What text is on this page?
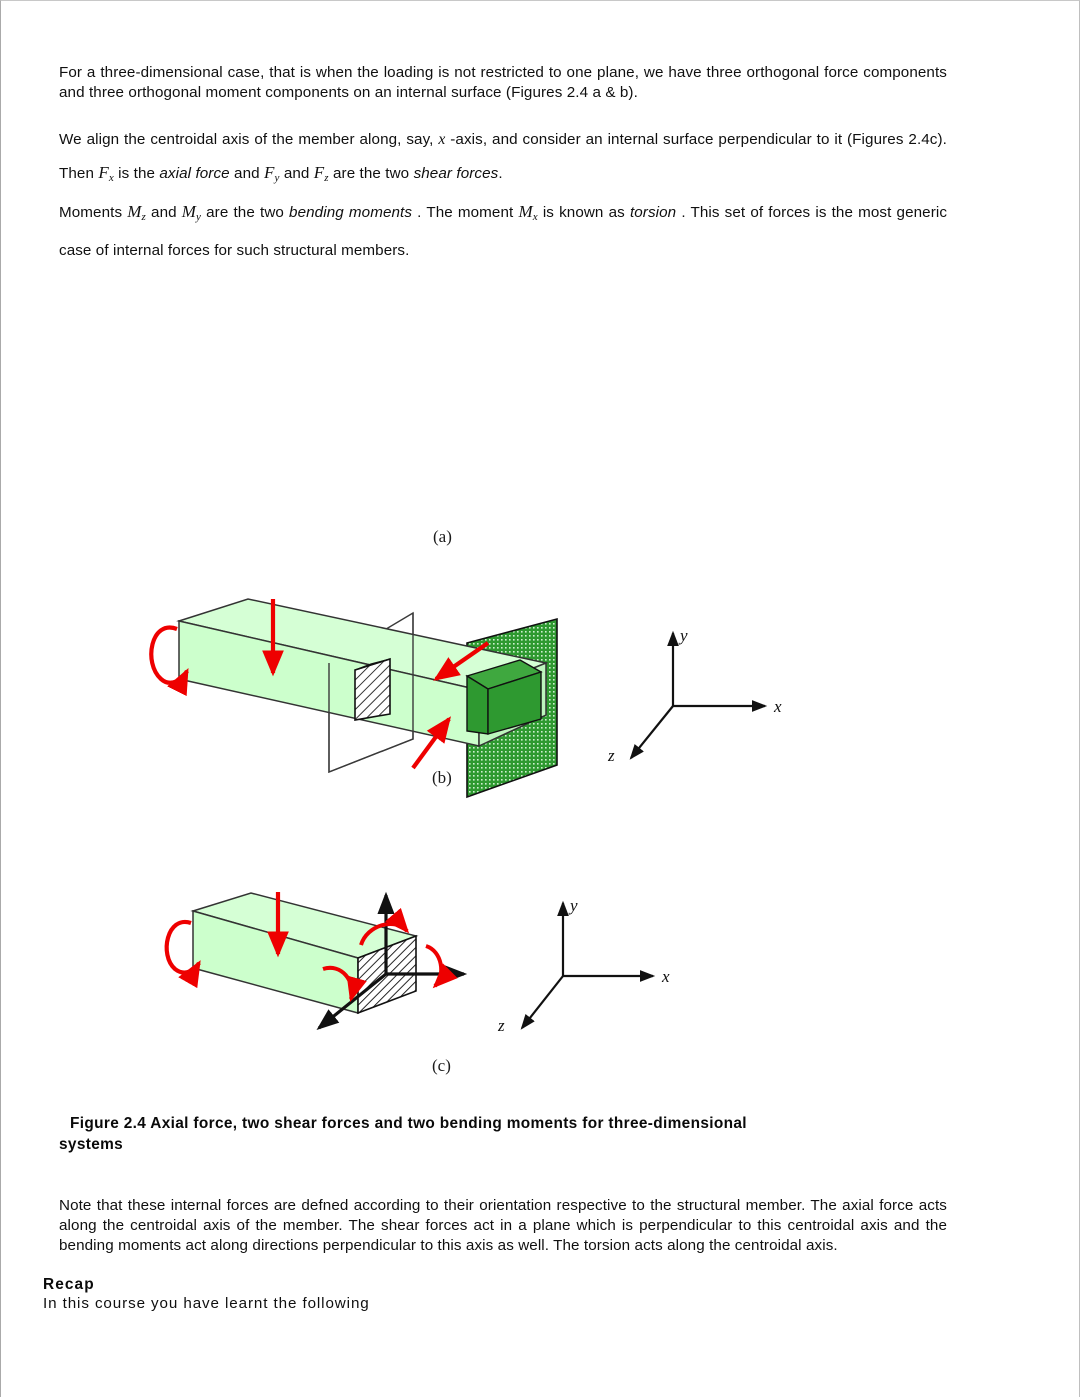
For a three-dimensional case, that is when the loading is not restricted to one plane, we have three orthogonal force components and three orthogonal moment components on an internal surface (Figures 2.4 a & b).

We align the centroidal axis of the member along, say, x -axis, and consider an internal surface perpendicular to it (Figures 2.4c). Then $F_x$ is the axial force and $F_y$ and $F_z$ are the two shear forces.

Moments $M_z$ and $M_y$ are the two bending moments . The moment $M_x$ is known as torsion . This set of forces is the most generic case of internal forces for such structural members.

y
x
z
(a)
y
x
z
(b)
(c)
Figure 2.4 Axial force, two shear forces and two bending moments for three-dimensional
systems

Note that these internal forces are defned according to their orientation respective to the structural member. The axial force acts along the centroidal axis of the member. The shear forces act in a plane which is perpendicular to this centroidal axis and the bending moments act along directions perpendicular to this axis as well. The torsion acts along the centroidal axis.

Recap
In this course you have learnt the following
